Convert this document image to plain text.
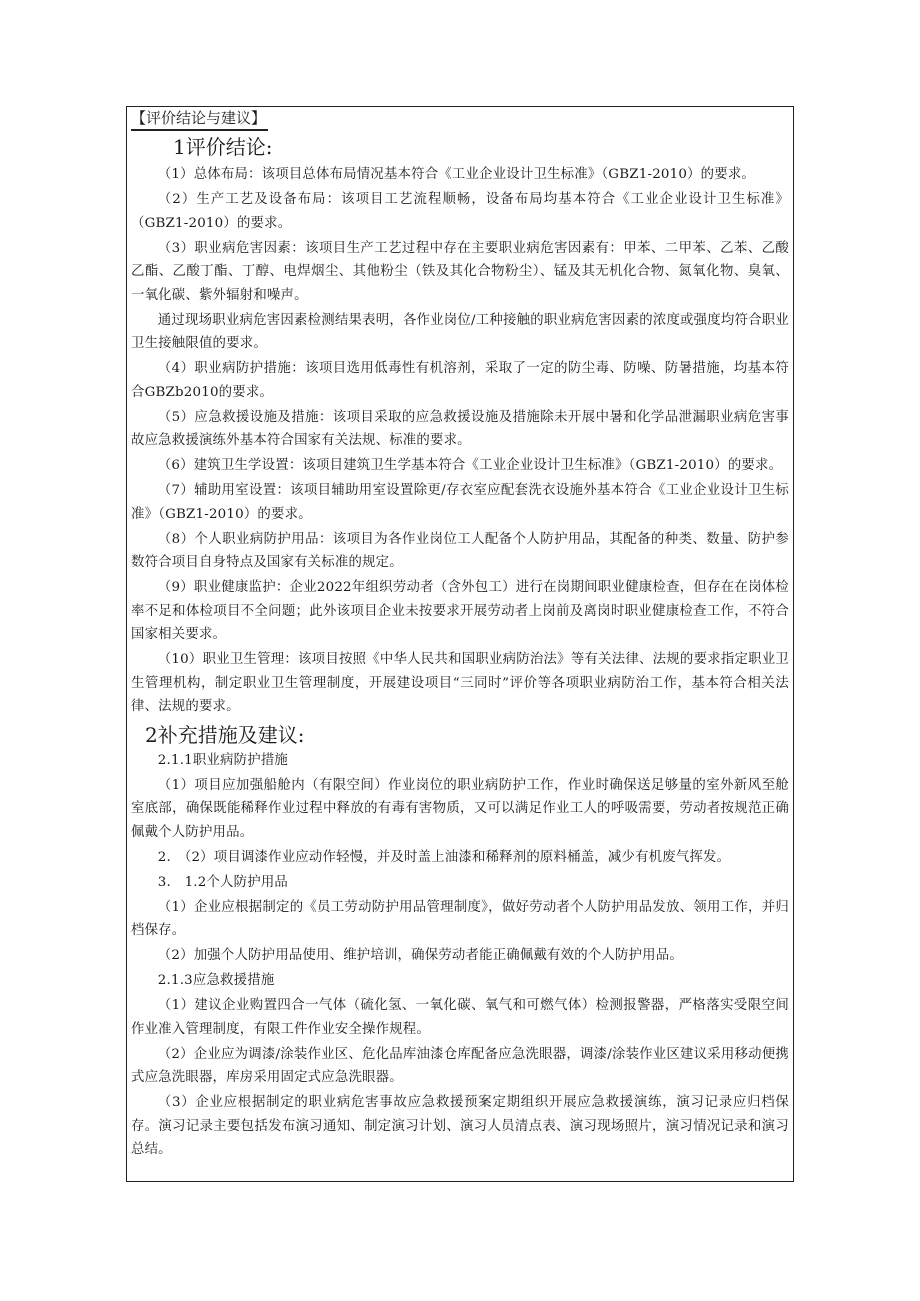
【评价结论与建议】
1评价结论:

（1）总体布局：该项目总体布局情况基本符合《工业企业设计卫生标准》（GBZ1-2010）的要求。

（2）生产工艺及设备布局：该项目工艺流程顺畅，设备布局均基本符合《工业企业设计卫生标准》（GBZ1-2010）的要求。

（3）职业病危害因素：该项目生产工艺过程中存在主要职业病危害因素有：甲苯、二甲苯、乙苯、乙酸乙酯、乙酸丁酯、丁醇、电焊烟尘、其他粉尘（铁及其化合物粉尘）、锰及其无机化合物、氮氧化物、臭氧、一氧化碳、紫外辐射和噪声。

通过现场职业病危害因素检测结果表明，各作业岗位/工种接触的职业病危害因素的浓度或强度均符合职业卫生接触限值的要求。

（4）职业病防护措施：该项目选用低毒性有机溶剂，采取了一定的防尘毒、防噪、防暑措施，均基本符合GBZb2010的要求。

（5）应急救援设施及措施：该项目采取的应急救援设施及措施除未开展中暑和化学品泄漏职业病危害事故应急救援演练外基本符合国家有关法规、标准的要求。

（6）建筑卫生学设置：该项目建筑卫生学基本符合《工业企业设计卫生标准》（GBZ1-2010）的要求。

（7）辅助用室设置：该项目辅助用室设置除更/存衣室应配套洗衣设施外基本符合《工业企业设计卫生标准》（GBZ1-2010）的要求。

（8）个人职业病防护用品：该项目为各作业岗位工人配备个人防护用品，其配备的种类、数量、防护参数符合项目自身特点及国家有关标准的规定。

（9）职业健康监护：企业2022年组织劳动者（含外包工）进行在岗期间职业健康检查，但存在在岗体检率不足和体检项目不全问题；此外该项目企业未按要求开展劳动者上岗前及离岗时职业健康检查工作，不符合国家相关要求。

（10）职业卫生管理：该项目按照《中华人民共和国职业病防治法》等有关法律、法规的要求指定职业卫生管理机构，制定职业卫生管理制度，开展建设项目“三同时”评价等各项职业病防治工作，基本符合相关法律、法规的要求。

2补充措施及建议:
2.1.1职业病防护措施

（1）项目应加强船舱内（有限空间）作业岗位的职业病防护工作，作业时确保送足够量的室外新风至舱室底部，确保既能稀释作业过程中释放的有毒有害物质，又可以满足作业工人的呼吸需要，劳动者按规范正确佩戴个人防护用品。

2.　（2）项目调漆作业应动作轻慢，并及时盖上油漆和稀释剂的原料桶盖，减少有机废气挥发。

3.　1.2个人防护用品

（1）企业应根据制定的《员工劳动防护用品管理制度》，做好劳动者个人防护用品发放、领用工作，并归档保存。

（2）加强个人防护用品使用、维护培训，确保劳动者能正确佩戴有效的个人防护用品。

2.1.3应急救援措施

（1）建议企业购置四合一气体（硫化氢、一氧化碳、氧气和可燃气体）检测报警器，严格落实受限空间作业准入管理制度，有限工件作业安全操作规程。

（2）企业应为调漆/涂装作业区、危化品库油漆仓库配备应急洗眼器，调漆/涂装作业区建议采用移动便携式应急洗眼器，库房采用固定式应急洗眼器。

（3）企业应根据制定的职业病危害事故应急救援预案定期组织开展应急救援演练，演习记录应归档保存。演习记录主要包括发布演习通知、制定演习计划、演习人员清点表、演习现场照片，演习情况记录和演习总结。
